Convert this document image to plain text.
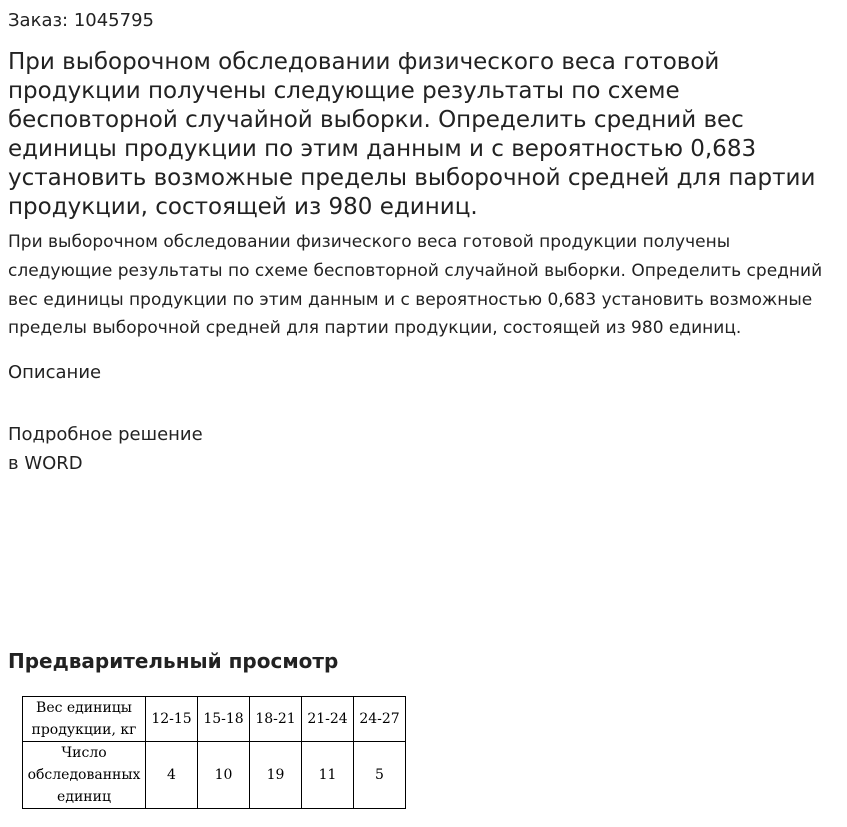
Заказ: 1045795

При выборочном обследовании физического веса готовой продукции получены следующие результаты по схеме бесповторной случайной выборки. Определить средний вес единицы продукции по этим данным и с вероятностью 0,683 установить возможные пределы выборочной средней для партии продукции, состоящей из 980 единиц.

При выборочном обследовании физического веса готовой продукции получены следующие результаты по схеме бесповторной случайной выборки. Определить средний вес единицы продукции по этим данным и с вероятностью 0,683 установить возможные пределы выборочной средней для партии продукции, состоящей из 980 единиц.

Описание

Подробное решение
в WORD

Предварительный просмотр
Вес единицы продукции, кг	12-15	15-18	18-21	21-24	24-27
Число обследованных единиц	4	10	19	11	5
